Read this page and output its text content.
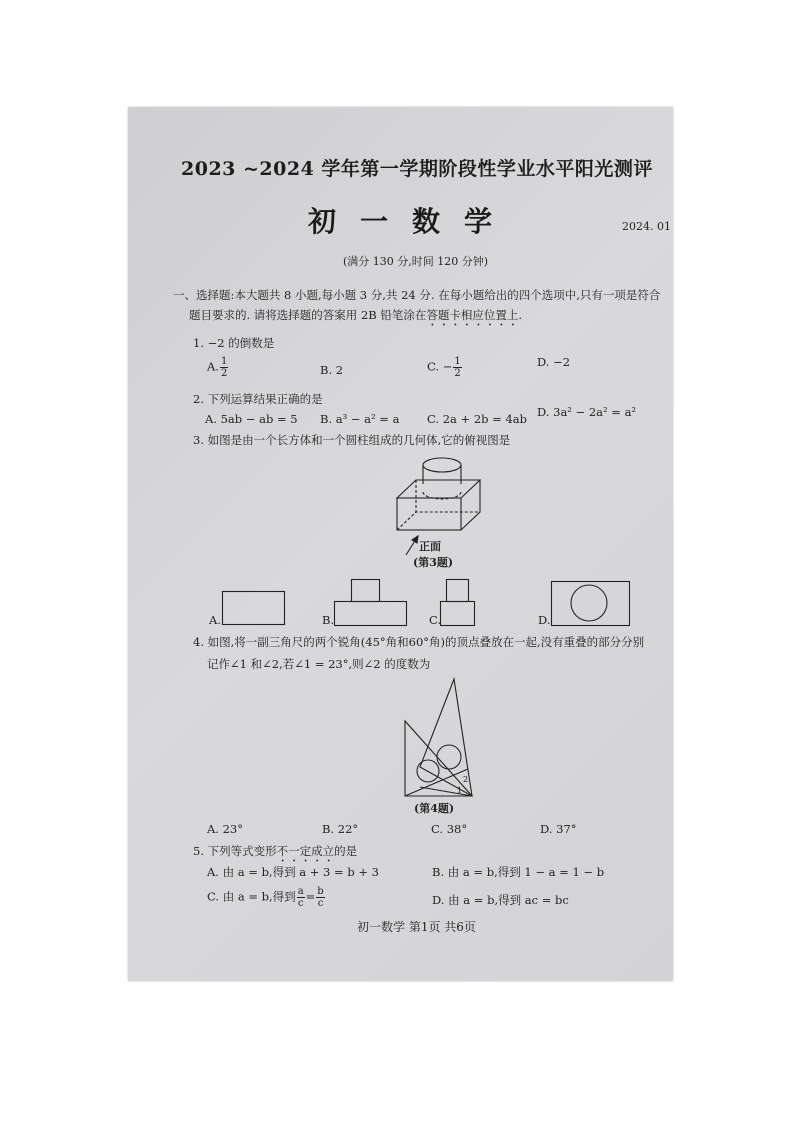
2023 ~2024 学年第一学期阶段性学业水平阳光测评
初一数学	2024. 01
(满分 130 分,时间 120 分钟)
一、选择题:本大题共 8 小题,每小题 3 分,共 24 分. 在每小题给出的四个选项中,只有一项是符合
题目要求的. 请将选择题的答案用 2B 铅笔涂在答题卡相应位置上.
1. −2 的倒数是
A. $\frac{1}{2}$	B. 2	C. − $\frac{1}{2}$	D. −2
2. 下列运算结果正确的是
A. 5ab − ab = 5 B. a³ − a² = a C. 2a + 2b = 4ab D. 3a² − 2a² = a²
3. 如图是由一个长方体和一个圆柱组成的几何体,它的俯视图是
正面
(第3题)
A.	B.	C.	D.
4. 如图,将一副三角尺的两个锐角(45°角和60°角)的顶点叠放在一起,没有重叠的部分分别
记作∠1 和∠2,若∠1 = 23°,则∠2 的度数为
1
2
(第4题)
A. 23°	B. 22°	C. 38°	D. 37°
5. 下列等式变形不一定成立的是
A. 由 a = b,得到 a + 3 = b + 3	B. 由 a = b,得到 1 − a = 1 − b
C. 由 a = b,得到 $\frac{a}{c} = \frac{b}{c}$	D. 由 a = b,得到 ac = bc
初一数学 第1页 共6页
